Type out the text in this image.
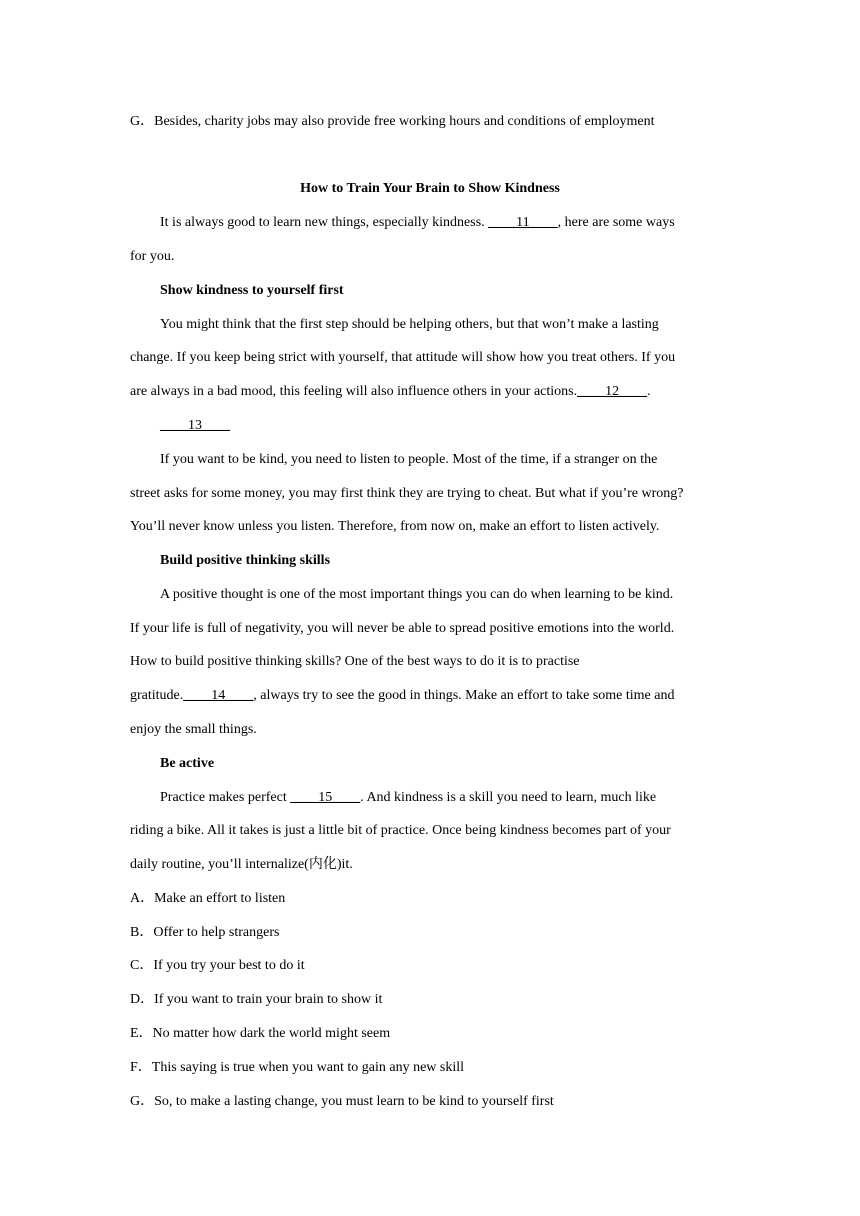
G．Besides, charity jobs may also provide free working hours and conditions of employment
How to Train Your Brain to Show Kindness
It is always good to learn new things, especially kindness. ____11____, here are some ways
for you.
Show kindness to yourself first
You might think that the first step should be helping others, but that won’t make a lasting
change. If you keep being strict with yourself, that attitude will show how you treat others. If you
are always in a bad mood, this feeling will also influence others in your actions.____12____.
____13____
If you want to be kind, you need to listen to people. Most of the time, if a stranger on the
street asks for some money, you may first think they are trying to cheat. But what if you’re wrong?
You’ll never know unless you listen. Therefore, from now on, make an effort to listen actively.
Build positive thinking skills
A positive thought is one of the most important things you can do when learning to be kind.
If your life is full of negativity, you will never be able to spread positive emotions into the world.
How to build positive thinking skills? One of the best ways to do it is to practise
gratitude.____14____, always try to see the good in things. Make an effort to take some time and
enjoy the small things.
Be active
Practice makes perfect ____15____. And kindness is a skill you need to learn, much like
riding a bike. All it takes is just a little bit of practice. Once being kindness becomes part of your
daily routine, you’ll internalize(内化)it.
A．Make an effort to listen
B．Offer to help strangers
C．If you try your best to do it
D．If you want to train your brain to show it
E．No matter how dark the world might seem
F．This saying is true when you want to gain any new skill
G．So, to make a lasting change, you must learn to be kind to yourself first
